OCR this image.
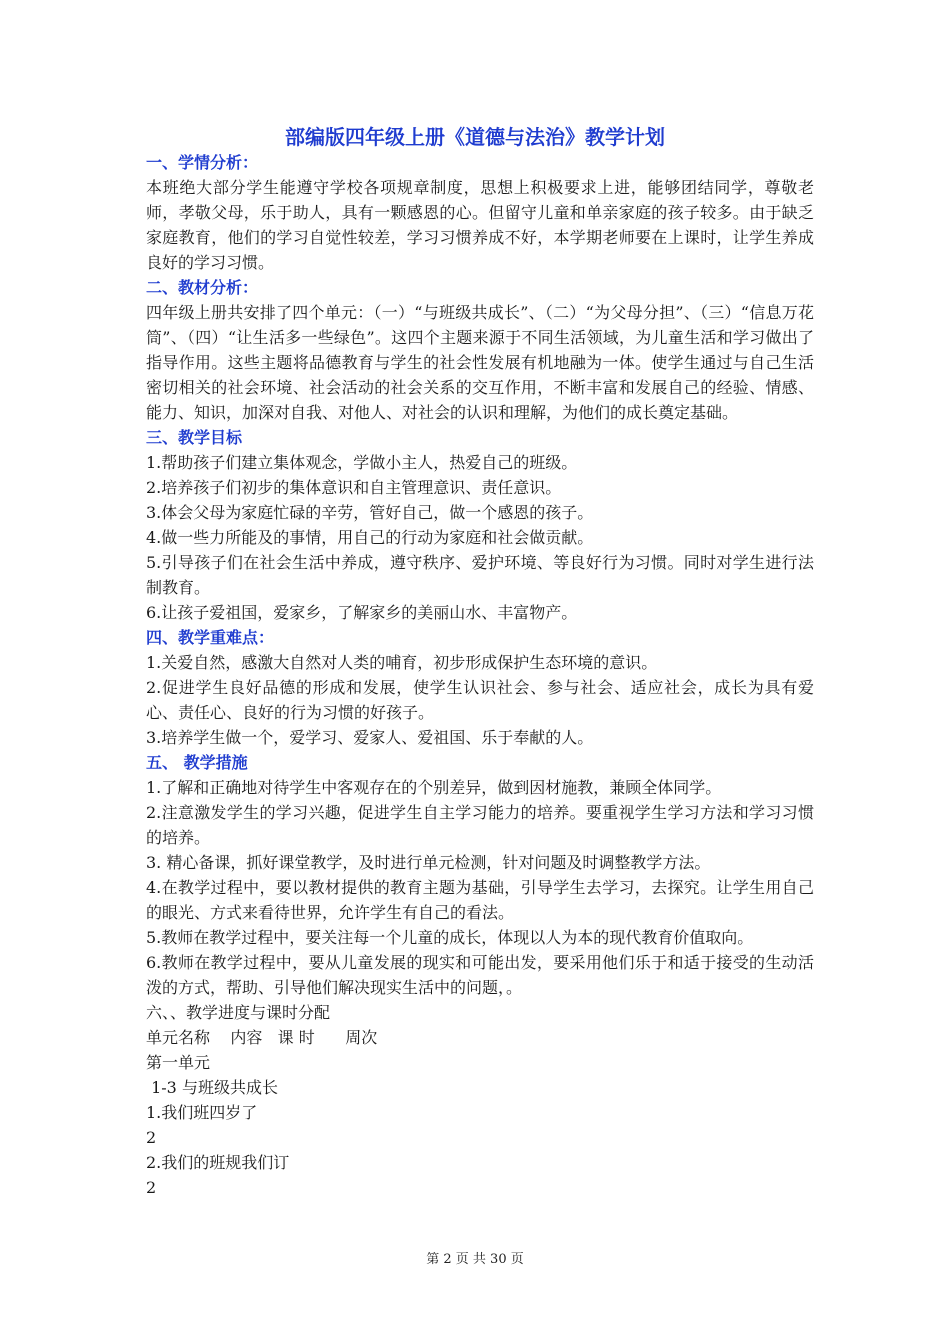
部编版四年级上册《道德与法治》教学计划
一、学情分析：
本班绝大部分学生能遵守学校各项规章制度，思想上积极要求上进，能够团结同学，尊敬老师，孝敬父母，乐于助人，具有一颗感恩的心。但留守儿童和单亲家庭的孩子较多。由于缺乏家庭教育，他们的学习自觉性较差，学习习惯养成不好，本学期老师要在上课时，让学生养成良好的学习习惯。
二、教材分析：
四年级上册共安排了四个单元：（一）“与班级共成长”、（二）“为父母分担”、（三）“信息万花筒”、（四）“让生活多一些绿色”。这四个主题来源于不同生活领域，为儿童生活和学习做出了指导作用。这些主题将品德教育与学生的社会性发展有机地融为一体。使学生通过与自己生活密切相关的社会环境、社会活动的社会关系的交互作用，不断丰富和发展自己的经验、情感、能力、知识，加深对自我、对他人、对社会的认识和理解，为他们的成长奠定基础。
三、教学目标
1.帮助孩子们建立集体观念，学做小主人，热爱自己的班级。
2.培养孩子们初步的集体意识和自主管理意识、责任意识。
3.体会父母为家庭忙碌的辛劳，管好自己，做一个感恩的孩子。
4.做一些力所能及的事情，用自己的行动为家庭和社会做贡献。
5.引导孩子们在社会生活中养成，遵守秩序、爱护环境、等良好行为习惯。同时对学生进行法制教育。
6.让孩子爱祖国，爱家乡，了解家乡的美丽山水、丰富物产。
四、教学重难点：
1.关爱自然，感激大自然对人类的哺育，初步形成保护生态环境的意识。
2.促进学生良好品德的形成和发展，使学生认识社会、参与社会、适应社会，成长为具有爱心、责任心、良好的行为习惯的好孩子。
3.培养学生做一个，爱学习、爱家人、爱祖国、乐于奉献的人。
五、 教学措施
1.了解和正确地对待学生中客观存在的个别差异，做到因材施教，兼顾全体同学。
2.注意激发学生的学习兴趣，促进学生自主学习能力的培养。要重视学生学习方法和学习习惯的培养。
3. 精心备课，抓好课堂教学，及时进行单元检测，针对问题及时调整教学方法。
4.在教学过程中，要以教材提供的教育主题为基础，引导学生去学习，去探究。让学生用自己的眼光、方式来看待世界，允许学生有自己的看法。
5.教师在教学过程中，要关注每一个儿童的成长，体现以人为本的现代教育价值取向。
6.教师在教学过程中，要从儿童发展的现实和可能出发，要采用他们乐于和适于接受的生动活泼的方式，帮助、引导他们解决现实生活中的问题，。
六、、教学进度与课时分配
单元名称    内容   课 时      周次
第一单元
1-3 与班级共成长
1.我们班四岁了
2
2.我们的班规我们订
2
第 2 页 共 30 页
